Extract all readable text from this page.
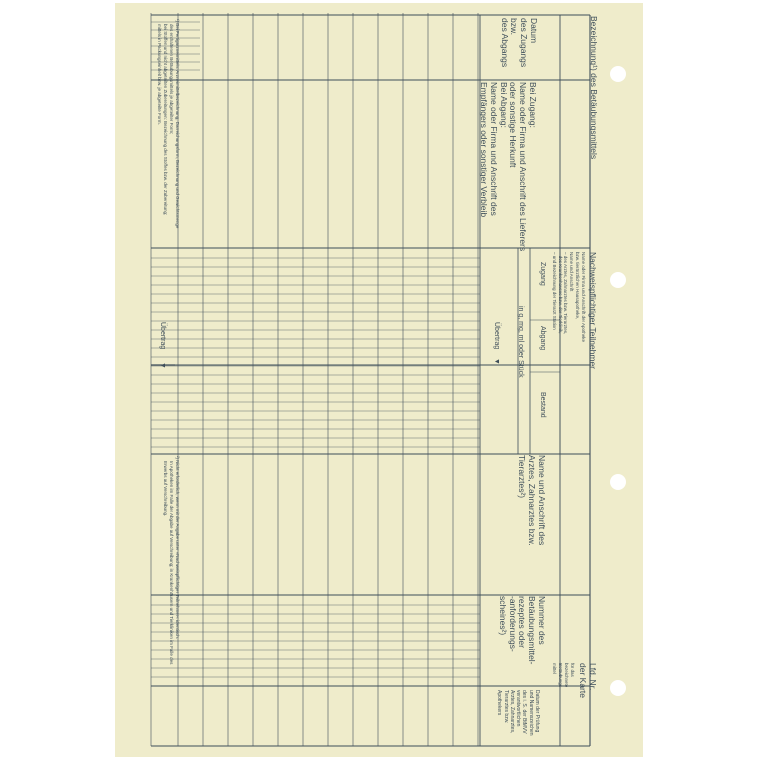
Bezeichnung¹) des Betäubungsmittels
Datum
des Zugangs
bzw.
des Abgangs
Bei Zugang:
Name oder Firma und Anschrift des Lieferers
oder sonstige Herkunft
Bei Abgang:
Name oder Firma und Anschrift des
Empfängers oder sonstiger Verbleib
Nachweispflichtiger Teilnehmer
Name oder Firma und Anschrift der Apotheke
bzw. tierärztlichen Hausapotheke,
Name und Anschrift
– des Arztes, Zahnarztes bzw. Tierarztes,
– des Krankenhauses bzw. der Tierklinik,
– und Bezeichnung der Tierarzt Station
Zugang
Abgang
in g, mg, ml oder Stück
Bestand
Übertrag
▼
Übertrag
▼
Name und Anschrift des
Arztes, Zahnarztes bzw.
Tierarztes²)
Nummer des
Betäubungsmittel-
rezeptes oder
-anforderungs-
scheines²)
Lfd. Nr.
der Karte
für das
bezeichnete
Betäubungs-
mittel
Datum der Prüfung
und Namenszeichen
des i. S. der BtMVV
verantwortlichen
Arztes, Zahnarztes,
Tierarztes bzw.
Apothekers
¹) Bei Fertigarzneimitteln: Arzneimittelbezeichnung, Darreichungsform, Bezeichnung und Gewichtsmenge
des enthaltenen Betäubungsmittels je abgeteilter Form;
bei Stoffen und nicht abgeteilten Zubereitungen: Bezeichnung des Stoffes bzw. der Zubereitung;
mittels in Packungseinheit bzw. je abgeteilte Form.
²) Nicht erforderlich, wenn mit der Angabe unter »Nachweispflichtiger Teilnehmer« identisch.
In Apotheken im Falle der Abgabe auf Verschreibung; in Krankenhäusern und Tierkliniken im Falle des
Erwerbs auf Verschreibung.
